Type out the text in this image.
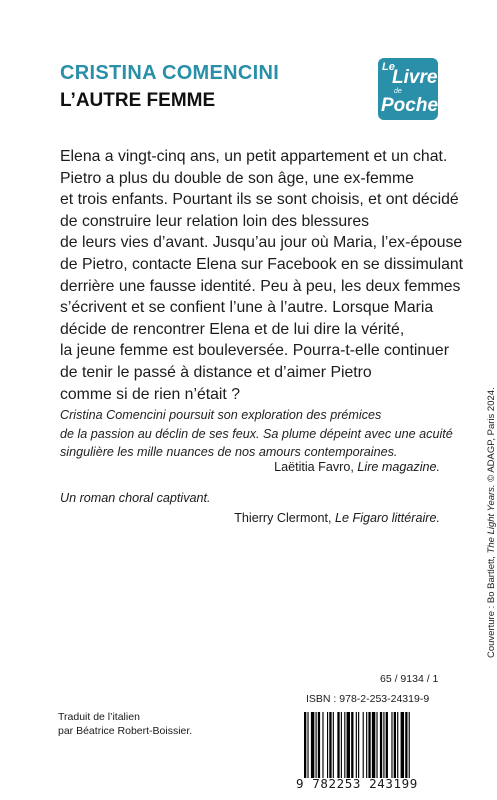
CRISTINA COMENCINI
L’AUTRE FEMME
Le
Livre
de
Poche
Elena a vingt-cinq ans, un petit appartement et un chat.
Pietro a plus du double de son âge, une ex-femme
et trois enfants. Pourtant ils se sont choisis, et ont décidé
de construire leur relation loin des blessures
de leurs vies d’avant. Jusqu’au jour où Maria, l’ex-épouse
de Pietro, contacte Elena sur Facebook en se dissimulant
derrière une fausse identité. Peu à peu, les deux femmes
s’écrivent et se confient l’une à l’autre. Lorsque Maria
décide de rencontrer Elena et de lui dire la vérité,
la jeune femme est bouleversée. Pourra-t-elle continuer
de tenir le passé à distance et d’aimer Pietro
comme si de rien n’était ?
Cristina Comencini poursuit son exploration des prémices
de la passion au déclin de ses feux. Sa plume dépeint avec une acuité
singulière les mille nuances de nos amours contemporaines.
Laëtitia Favro, Lire magazine.
Un roman choral captivant.
Thierry Clermont, Le Figaro littéraire.
Couverture : Bo Bartlett, The Light Years. © ADAGP, Paris 2024.
65 / 9134 / 1
ISBN : 978-2-253-24319-9
Traduit de l’italien
par Béatrice Robert-Boissier.
9 782253 243199
